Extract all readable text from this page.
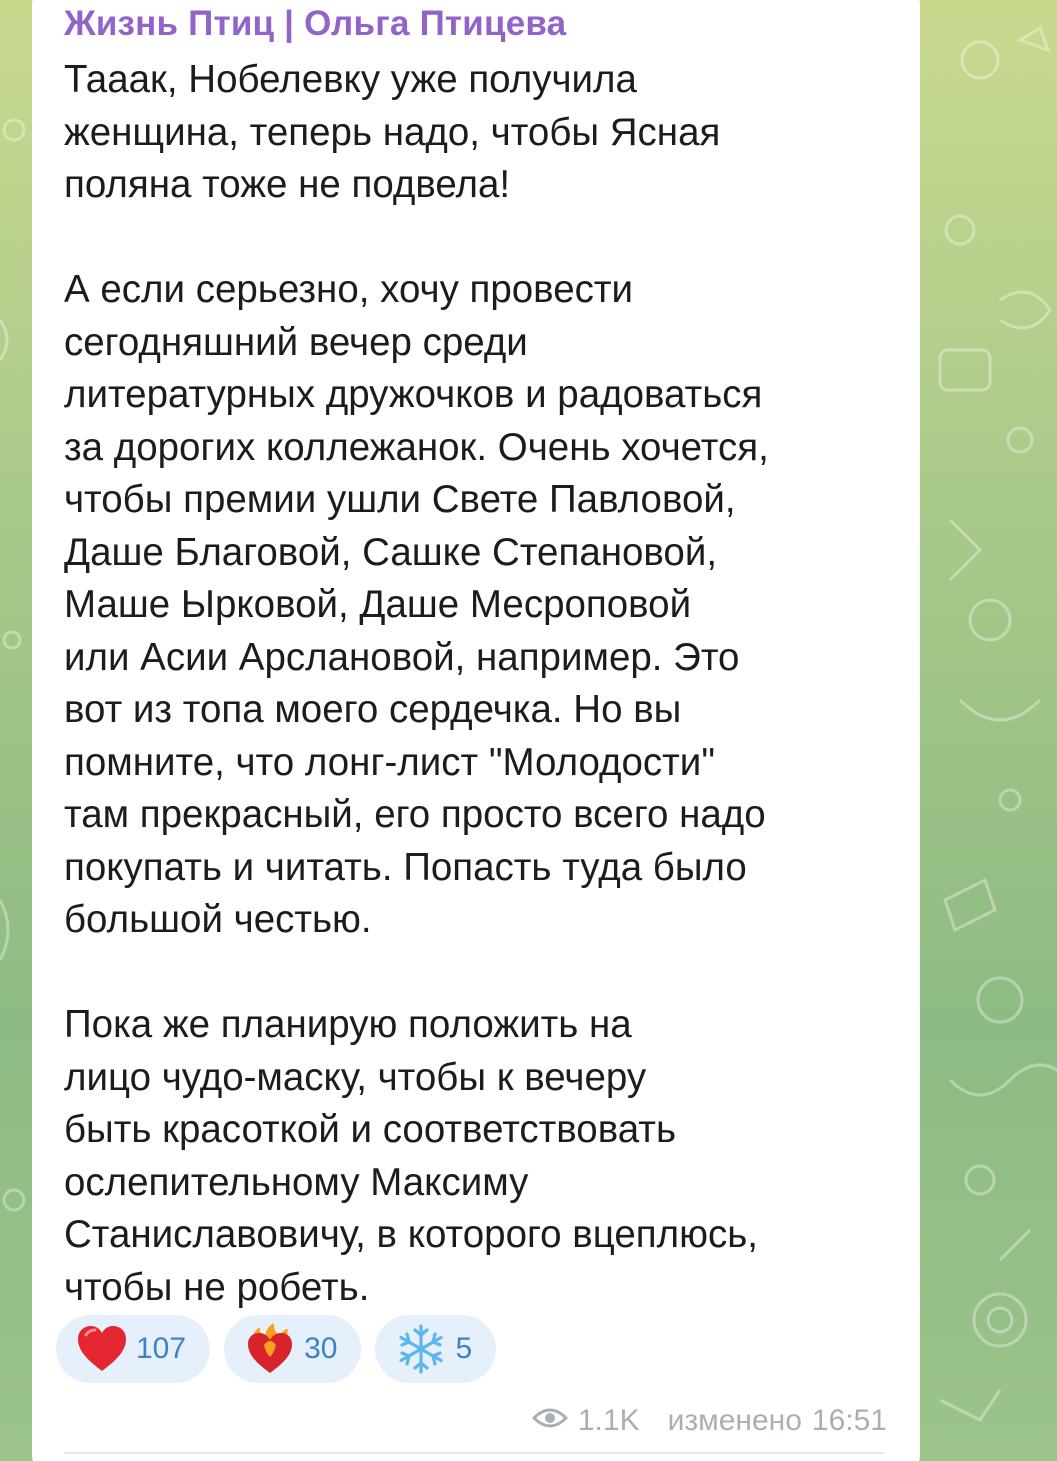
Жизнь Птиц | Ольга Птицева

Тааак, Нобелевку уже получила
женщина, теперь надо, чтобы Ясная
поляна тоже не подвела!

А если серьезно, хочу провести
сегодняшний вечер среди
литературных дружочков и радоваться
за дорогих коллежанок. Очень хочется,
чтобы премии ушли Свете Павловой,
Даше Благовой, Сашке Степановой,
Маше Ырковой, Даше Месроповой
или Асии Арслановой, например. Это
вот из топа моего сердечка. Но вы
помните, что лонг-лист "Молодости"
там прекрасный, его просто всего надо
покупать и читать. Попасть туда было
большой честью.

Пока же планирую положить на
лицо чудо-маску, чтобы к вечеру
быть красоткой и соответствовать
ослепительному Максиму
Станиславовичу, в которого вцеплюсь,
чтобы не робеть.

107	30	5
1.1K изменено 16:51
